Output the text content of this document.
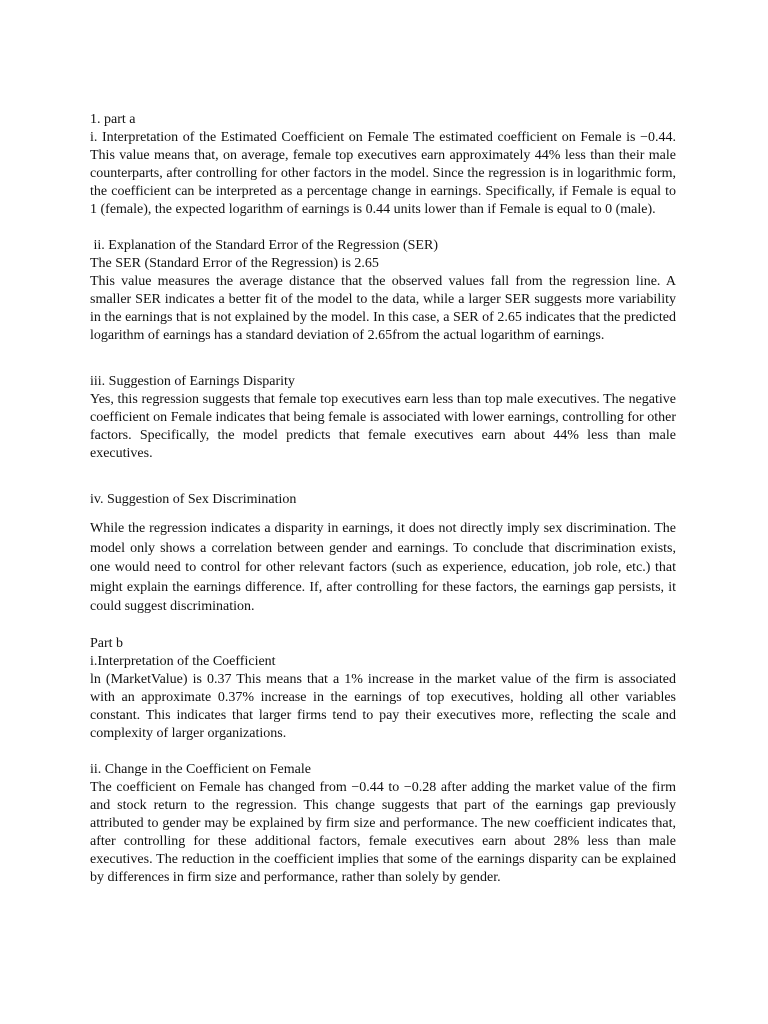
1. part a

i. Interpretation of the Estimated Coefficient on Female The estimated coefficient on Female is −0.44. This value means that, on average, female top executives earn approximately 44% less than their male counterparts, after controlling for other factors in the model. Since the regression is in logarithmic form, the coefficient can be interpreted as a percentage change in earnings. Specifically, if Female is equal to 1 (female), the expected logarithm of earnings is 0.44 units lower than if Female is equal to 0 (male).

ii. Explanation of the Standard Error of the Regression (SER)

The SER (Standard Error of the Regression) is 2.65

This value measures the average distance that the observed values fall from the regression line. A smaller SER indicates a better fit of the model to the data, while a larger SER suggests more variability in the earnings that is not explained by the model. In this case, a SER of 2.65 indicates that the predicted logarithm of earnings has a standard deviation of 2.65from the actual logarithm of earnings.

iii. Suggestion of Earnings Disparity

Yes, this regression suggests that female top executives earn less than top male executives. The negative coefficient on Female indicates that being female is associated with lower earnings, controlling for other factors. Specifically, the model predicts that female executives earn about 44% less than male executives.

iv. Suggestion of Sex Discrimination

While the regression indicates a disparity in earnings, it does not directly imply sex discrimination. The model only shows a correlation between gender and earnings. To conclude that discrimination exists, one would need to control for other relevant factors (such as experience, education, job role, etc.) that might explain the earnings difference. If, after controlling for these factors, the earnings gap persists, it could suggest discrimination.

Part b

i.Interpretation of the Coefficient

ln (MarketValue) is 0.37 This means that a 1% increase in the market value of the firm is associated with an approximate 0.37% increase in the earnings of top executives, holding all other variables constant. This indicates that larger firms tend to pay their executives more, reflecting the scale and complexity of larger organizations.

ii. Change in the Coefficient on Female

The coefficient on Female has changed from −0.44 to −0.28 after adding the market value of the firm and stock return to the regression. This change suggests that part of the earnings gap previously attributed to gender may be explained by firm size and performance. The new coefficient indicates that, after controlling for these additional factors, female executives earn about 28% less than male executives. The reduction in the coefficient implies that some of the earnings disparity can be explained by differences in firm size and performance, rather than solely by gender.
